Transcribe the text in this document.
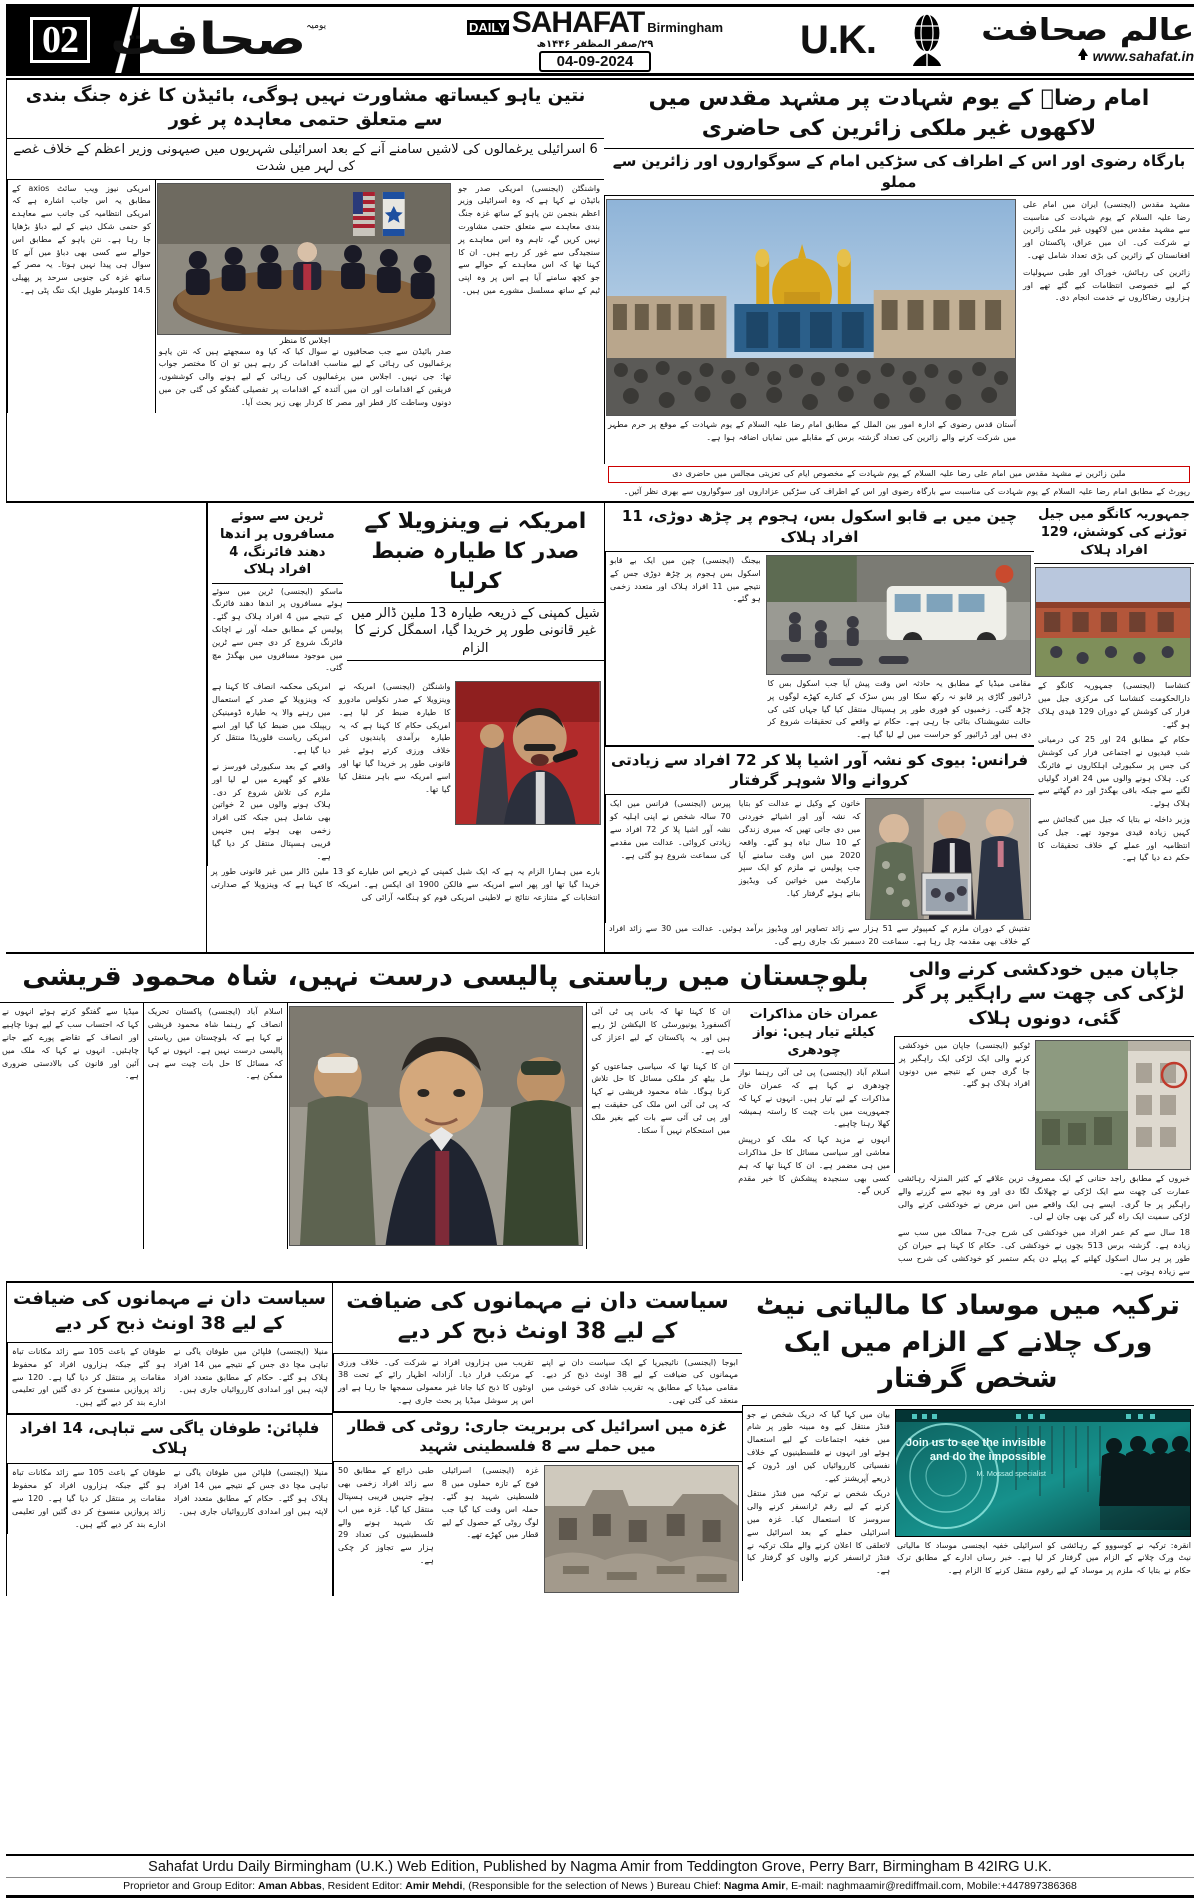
02 صحافت یومیہ	DAILY SAHAFAT Birmingham
۲۹/صفر المظفر ۱۴۴۶ھ
04-09-2024	U.K.	عالم صحافت
www.sahafat.in
امام رضاؑ کے یوم شہادت پر مشہد مقدس میں لاکھوں غیر ملکی زائرین کی حاضری
بارگاہ رضوی اور اس کے اطراف کی سڑکیں امام کے سوگواروں اور زائرین سے مملو
مشہد مقدس (ایجنسی) ایران میں امام علی رضا علیہ السلام کے یوم شہادت کی مناسبت سے مشہد مقدس میں لاکھوں غیر ملکی زائرین نے شرکت کی۔ ان میں عراق، پاکستان اور افغانستان کے زائرین کی بڑی تعداد شامل تھی۔
زائرین کی رہائش، خوراک اور طبی سہولیات کے لیے خصوصی انتظامات کیے گئے تھے اور ہزاروں رضاکاروں نے خدمت انجام دی۔
آستان قدس رضوی کے ادارہ امور بین الملل کے مطابق امام رضا علیہ السلام کے یوم شہادت کے موقع پر حرم مطہر میں شرکت کرنے والے زائرین کی تعداد گزشتہ برس کے مقابلے میں نمایاں اضافہ ہوا ہے۔
ملین زائرین نے مشہد مقدس میں امام علی رضا علیہ السلام کے یوم شہادت کے مخصوص ایام کی تعزیتی مجالس میں حاضری دی
رپورٹ کے مطابق امام رضا علیہ السلام کے یوم شہادت کی مناسبت سے بارگاہ رضوی اور اس کے اطراف کی سڑکیں عزاداروں اور سوگواروں سے بھری نظر آئیں۔
نتین یاہو کیساتھ مشاورت نہیں ہوگی، بائیڈن کا غزہ جنگ بندی سے متعلق حتمی معاہدہ پر غور
6 اسرائیلی یرغمالوں کی لاشیں سامنے آنے کے بعد اسرائیلی شہریوں میں صیہونی وزیر اعظم کے خلاف غصے کی لہر میں شدت
واشنگٹن (ایجنسی) امریکی صدر جو بائیڈن نے کہا ہے کہ وہ اسرائیلی وزیر اعظم بنجمن نتن یاہو کے ساتھ غزہ جنگ بندی معاہدے سے متعلق حتمی مشاورت نہیں کریں گے، تاہم وہ اس معاہدے پر سنجیدگی سے غور کر رہے ہیں۔ ان کا کہنا تھا کہ اس معاہدے کے حوالے سے جو کچھ سامنے آیا ہے اس پر وہ اپنی ٹیم کے ساتھ مسلسل مشورے میں ہیں۔
اجلاس کا منظر
صدر بائیڈن سے جب صحافیوں نے سوال کیا کہ کیا وہ سمجھتے ہیں کہ نتن یاہو یرغمالیوں کی رہائی کے لیے مناسب اقدامات کر رہے ہیں تو ان کا مختصر جواب تھا: جی نہیں۔ اجلاس میں یرغمالیوں کی رہائی کے لیے ہونے والی کوششوں، فریقین کے اقدامات اور ان میں آئندہ کے اقدامات پر تفصیلی گفتگو کی گئی جن میں دونوں وساطت کار قطر اور مصر کا کردار بھی زیر بحث آیا۔
امریکی نیوز ویب سائٹ axios کے مطابق یہ اس جانب اشارہ ہے کہ امریکی انتظامیہ کی جانب سے معاہدے کو حتمی شکل دینے کے لیے دباؤ بڑھایا جا رہا ہے۔ نتن یاہو کے مطابق اس حوالے سے کسی بھی دباؤ میں آنے کا سوال ہی پیدا نہیں ہوتا۔ یہ مصر کے ساتھ غزہ کی جنوبی سرحد پر پھیلی 14.5 کلومیٹر طویل ایک تنگ پٹی ہے۔
جمہوریہ کانگو میں جیل توڑنے کی کوشش، 129 افراد ہلاک
کنشاسا (ایجنسی) جمہوریہ کانگو کے دارالحکومت کنشاسا کی مرکزی جیل میں فرار کی کوشش کے دوران 129 قیدی ہلاک ہو گئے۔
حکام کے مطابق 24 اور 25 کی درمیانی شب قیدیوں نے اجتماعی فرار کی کوشش کی جس پر سکیورٹی اہلکاروں نے فائرنگ کی۔ ہلاک ہونے والوں میں 24 افراد گولیاں لگنے سے جبکہ باقی بھگدڑ اور دم گھٹنے سے ہلاک ہوئے۔
وزیر داخلہ نے بتایا کہ جیل میں گنجائش سے کہیں زیادہ قیدی موجود تھے۔ جیل کی انتظامیہ اور عملے کے خلاف تحقیقات کا حکم دے دیا گیا ہے۔
چین میں بے قابو اسکول بس، ہجوم پر چڑھ دوڑی، 11 افراد ہلاک
مقامی میڈیا کے مطابق یہ حادثہ اس وقت پیش آیا جب اسکول بس کا ڈرائیور گاڑی پر قابو نہ رکھ سکا اور بس سڑک کے کنارے کھڑے لوگوں پر چڑھ گئی۔ زخمیوں کو فوری طور پر ہسپتال منتقل کیا گیا جہاں کئی کی حالت تشویشناک بتائی جا رہی ہے۔ حکام نے واقعے کی تحقیقات شروع کر دی ہیں اور ڈرائیور کو حراست میں لے لیا گیا ہے۔
بیجنگ (ایجنسی) چین میں ایک بے قابو اسکول بس ہجوم پر چڑھ دوڑی جس کے نتیجے میں 11 افراد ہلاک اور متعدد زخمی ہو گئے۔
فرانس: بیوی کو نشہ آور اشیا پلا کر 72 افراد سے زیادتی کروانے والا شوہر گرفتار
خاتون کے وکیل نے عدالت کو بتایا کہ نشہ آور اور اشیائے خوردنی میں دی جاتی تھیں کہ میری زندگی کے 10 سال تباہ ہو گئے۔ واقعہ 2020 میں اس وقت سامنے آیا جب پولیس نے ملزم کو ایک سپر مارکیٹ میں خواتین کی ویڈیوز بناتے ہوئے گرفتار کیا۔
پیرس (ایجنسی) فرانس میں ایک 70 سالہ شخص نے اپنی اہلیہ کو نشہ آور اشیا پلا کر 72 افراد سے زیادتی کروائی۔ عدالت میں مقدمے کی سماعت شروع ہو گئی ہے۔
تفتیش کے دوران ملزم کے کمپیوٹر سے 51 ہزار سے زائد تصاویر اور ویڈیوز برآمد ہوئیں۔ عدالت میں 30 سے زائد افراد کے خلاف بھی مقدمہ چل رہا ہے۔ سماعت 20 دسمبر تک جاری رہے گی۔
امریکہ نے وینزویلا کے صدر کا طیارہ ضبط کرلیا
شیل کمپنی کے ذریعہ طیارہ 13 ملین ڈالر میں غیر قانونی طور پر خریدا گیا، اسمگل کرنے کا الزام
ٹرین سے سوئے مسافروں پر اندھا دھند فائرنگ، 4 افراد ہلاک
ماسکو (ایجنسی) ٹرین میں سوئے ہوئے مسافروں پر اندھا دھند فائرنگ کے نتیجے میں 4 افراد ہلاک ہو گئے۔ پولیس کے مطابق حملہ آور نے اچانک فائرنگ شروع کر دی جس سے ٹرین میں موجود مسافروں میں بھگدڑ مچ گئی۔
واشنگٹن (ایجنسی) امریکہ نے وینزویلا کے صدر نکولس مادورو کا طیارہ ضبط کر لیا ہے۔ امریکی حکام کا کہنا ہے کہ یہ طیارہ برآمدی پابندیوں کی خلاف ورزی کرتے ہوئے غیر قانونی طور پر خریدا گیا تھا اور اسے امریکہ سے باہر منتقل کیا گیا تھا۔
امریکی محکمہ انصاف کا کہنا ہے کہ وینزویلا کے صدر کے استعمال میں رہنے والا یہ طیارہ ڈومینیکن ریپبلک میں ضبط کیا گیا اور اسے امریکی ریاست فلوریڈا منتقل کر دیا گیا ہے۔
واقعے کے بعد سکیورٹی فورسز نے علاقے کو گھیرے میں لے لیا اور ملزم کی تلاش شروع کر دی۔ ہلاک ہونے والوں میں 2 خواتین بھی شامل ہیں جبکہ کئی افراد زخمی بھی ہوئے ہیں جنہیں قریبی ہسپتال منتقل کر دیا گیا ہے۔
بارے میں ہمارا الزام یہ ہے کہ ایک شیل کمپنی کے ذریعے اس طیارے کو 13 ملین ڈالر میں غیر قانونی طور پر خریدا گیا تھا اور پھر اسے امریکہ سے فالکن 1900 ای ایکس ہے۔ امریکہ کا کہنا ہے کہ وینزویلا کے صدارتی انتخابات کے متنازعہ نتائج نے لاطینی امریکی قوم کو ہنگامہ آرائی کی
جاپان میں خودکشی کرنے والی لڑکی کی چھت سے راہگیر پر گر گئی، دونوں ہلاک
ٹوکیو (ایجنسی) جاپان میں خودکشی کرنے والی ایک لڑکی ایک راہگیر پر جا گری جس کے نتیجے میں دونوں افراد ہلاک ہو گئے۔
خبروں کے مطابق راجد حنانی کے ایک مصروف ترین علاقے کے کثیر المنزلہ رہائشی عمارت کی چھت سے ایک لڑکی نے چھلانگ لگا دی اور وہ نیچے سے گزرنے والے راہگیر پر جا گری۔ ایسے ہی ایک واقعے میں اس مرض نے خودکشی کرنے والی لڑکی سمیت ایک راہ گیر کی بھی جان لے لی۔
18 سال سے کم عمر افراد میں خودکشی کی شرح جی-7 ممالک میں سب سے زیادہ ہے۔ گزشتہ برس 513 بچوں نے خودکشی کی۔ حکام کا کہنا ہے حیران کن طور پر ہر سال اسکول کھلنے کے پہلے دن یکم ستمبر کو خودکشی کی شرح سب سے زیادہ ہوتی ہے۔
بلوچستان میں ریاستی پالیسی درست نہیں، شاہ محمود قریشی
عمران خان مذاکرات کیلئے تیار ہیں: نواز چودھری
اسلام آباد (ایجنسی) پی ٹی آئی رہنما نواز چودھری نے کہا ہے کہ عمران خان مذاکرات کے لیے تیار ہیں۔ انہوں نے کہا کہ جمہوریت میں بات چیت کا راستہ ہمیشہ کھلا رہنا چاہیے۔
انہوں نے مزید کہا کہ ملک کو درپیش معاشی اور سیاسی مسائل کا حل مذاکرات میں ہی مضمر ہے۔ ان کا کہنا تھا کہ ہم کسی بھی سنجیدہ پیشکش کا خیر مقدم کریں گے۔
ان کا کہنا تھا کہ بانی پی ٹی آئی آکسفورڈ یونیورسٹی کا الیکشن لڑ رہے ہیں اور یہ پاکستان کے لیے اعزاز کی بات ہے۔
ان کا کہنا تھا کہ سیاسی جماعتوں کو مل بیٹھ کر ملکی مسائل کا حل تلاش کرنا ہوگا۔ شاہ محمود قریشی نے کہا کہ پی ٹی آئی اس ملک کی حقیقت ہے اور پی ٹی آئی سے بات کیے بغیر ملک میں استحکام نہیں آ سکتا۔
اسلام آباد (ایجنسی) پاکستان تحریک انصاف کے رہنما شاہ محمود قریشی نے کہا ہے کہ بلوچستان میں ریاستی پالیسی درست نہیں ہے۔ انہوں نے کہا کہ مسائل کا حل بات چیت سے ہی ممکن ہے۔
میڈیا سے گفتگو کرتے ہوئے انہوں نے کہا کہ احتساب سب کے لیے ہونا چاہیے اور انصاف کے تقاضے پورے کیے جانے چاہئیں۔ انہوں نے کہا کہ ملک میں آئین اور قانون کی بالادستی ضروری ہے۔
ترکیہ میں موساد کا مالیاتی نیٹ ورک چلانے کے الزام میں ایک شخص گرفتار
Join us to see the invisible
and do the impossible
M. Mossad specialist
انقرہ: ترکیہ نے کوسووو کے رہائشی کو اسرائیلی خفیہ ایجنسی موساد کا مالیاتی نیٹ ورک چلانے کے الزام میں گرفتار کر لیا ہے۔ خبر رساں ادارے کے مطابق ترک حکام نے بتایا کہ ملزم پر موساد کے لیے رقوم منتقل کرنے کا الزام ہے۔
بیان میں کہا گیا کہ دریک شخص نے جو فنڈز منتقل کیے وہ مبینہ طور پر شام میں خفیہ اجتماعات کے لیے استعمال ہوئے اور انہوں نے فلسطینیوں کے خلاف نفسیاتی کارروائیاں کیں اور ڈرون کے ذریعے آپریشنز کیے۔
دریک شخص نے ترکیہ میں فنڈز منتقل کرنے کے لیے رقم ٹرانسفر کرنے والی سروسز کا استعمال کیا۔ غزہ میں اسرائیلی حملے کے بعد اسرائیل سے لاتعلقی کا اعلان کرنے والے ملک ترکیہ نے فنڈز ٹرانسفر کرنے والوں کو گرفتار کیا ہے۔
سیاست دان نے مہمانوں کی ضیافت کے لیے 38 اونٹ ذبح کر دیے
ابوجا (ایجنسی) نائیجیریا کے ایک سیاست دان نے اپنے مہمانوں کی ضیافت کے لیے 38 اونٹ ذبح کر دیے۔ مقامی میڈیا کے مطابق یہ تقریب شادی کی خوشی میں منعقد کی گئی تھی۔
تقریب میں ہزاروں افراد نے شرکت کی۔ خلاف ورزی کے مرتکب قرار دیا۔ آزادانہ اظہار رائے کے تحت 38 اونٹوں کا ذبح کیا جانا غیر معمولی سمجھا جا رہا ہے اور اس پر سوشل میڈیا پر بحث جاری ہے۔
غزہ میں اسرائیل کی بربریت جاری: روٹی کی قطار میں حملے سے 8 فلسطینی شہید
غزہ (ایجنسی) اسرائیلی فوج کے تازہ حملوں میں 8 فلسطینی شہید ہو گئے۔ حملہ اس وقت کیا گیا جب لوگ روٹی کے حصول کے لیے قطار میں کھڑے تھے۔
طبی ذرائع کے مطابق 50 سے زائد افراد زخمی بھی ہوئے جنہیں قریبی ہسپتال منتقل کیا گیا۔ غزہ میں اب تک شہید ہونے والے فلسطینیوں کی تعداد 29 ہزار سے تجاوز کر چکی ہے۔
سیاست دان نے مہمانوں کی ضیافت کے لیے 38 اونٹ ذبح کر دیے
منیلا (ایجنسی) فلپائن میں طوفان یاگی نے تباہی مچا دی جس کے نتیجے میں 14 افراد ہلاک ہو گئے۔ حکام کے مطابق متعدد افراد لاپتہ ہیں اور امدادی کارروائیاں جاری ہیں۔
طوفان کے باعث 105 سے زائد مکانات تباہ ہو گئے جبکہ ہزاروں افراد کو محفوظ مقامات پر منتقل کر دیا گیا ہے۔ 120 سے زائد پروازیں منسوخ کر دی گئیں اور تعلیمی ادارے بند کر دیے گئے ہیں۔
فلپائن: طوفان یاگی سے تباہی، 14 افراد ہلاک
منیلا (ایجنسی) فلپائن میں طوفان یاگی نے تباہی مچا دی جس کے نتیجے میں 14 افراد ہلاک ہو گئے۔ حکام کے مطابق متعدد افراد لاپتہ ہیں اور امدادی کارروائیاں جاری ہیں۔
طوفان کے باعث 105 سے زائد مکانات تباہ ہو گئے جبکہ ہزاروں افراد کو محفوظ مقامات پر منتقل کر دیا گیا ہے۔ 120 سے زائد پروازیں منسوخ کر دی گئیں اور تعلیمی ادارے بند کر دیے گئے ہیں۔
Sahafat Urdu Daily Birmingham (U.K.) Web Edition, Published by Nagma Amir from Teddington Grove, Perry Barr, Birmingham B 42IRG U.K.
Proprietor and Group Editor: Aman Abbas, Resident Editor: Amir Mehdi, (Responsible for the selection of News ) Bureau Chief: Nagma Amir, E-mail: naghmaamir@rediffmail.com, Mobile:+447897386368
